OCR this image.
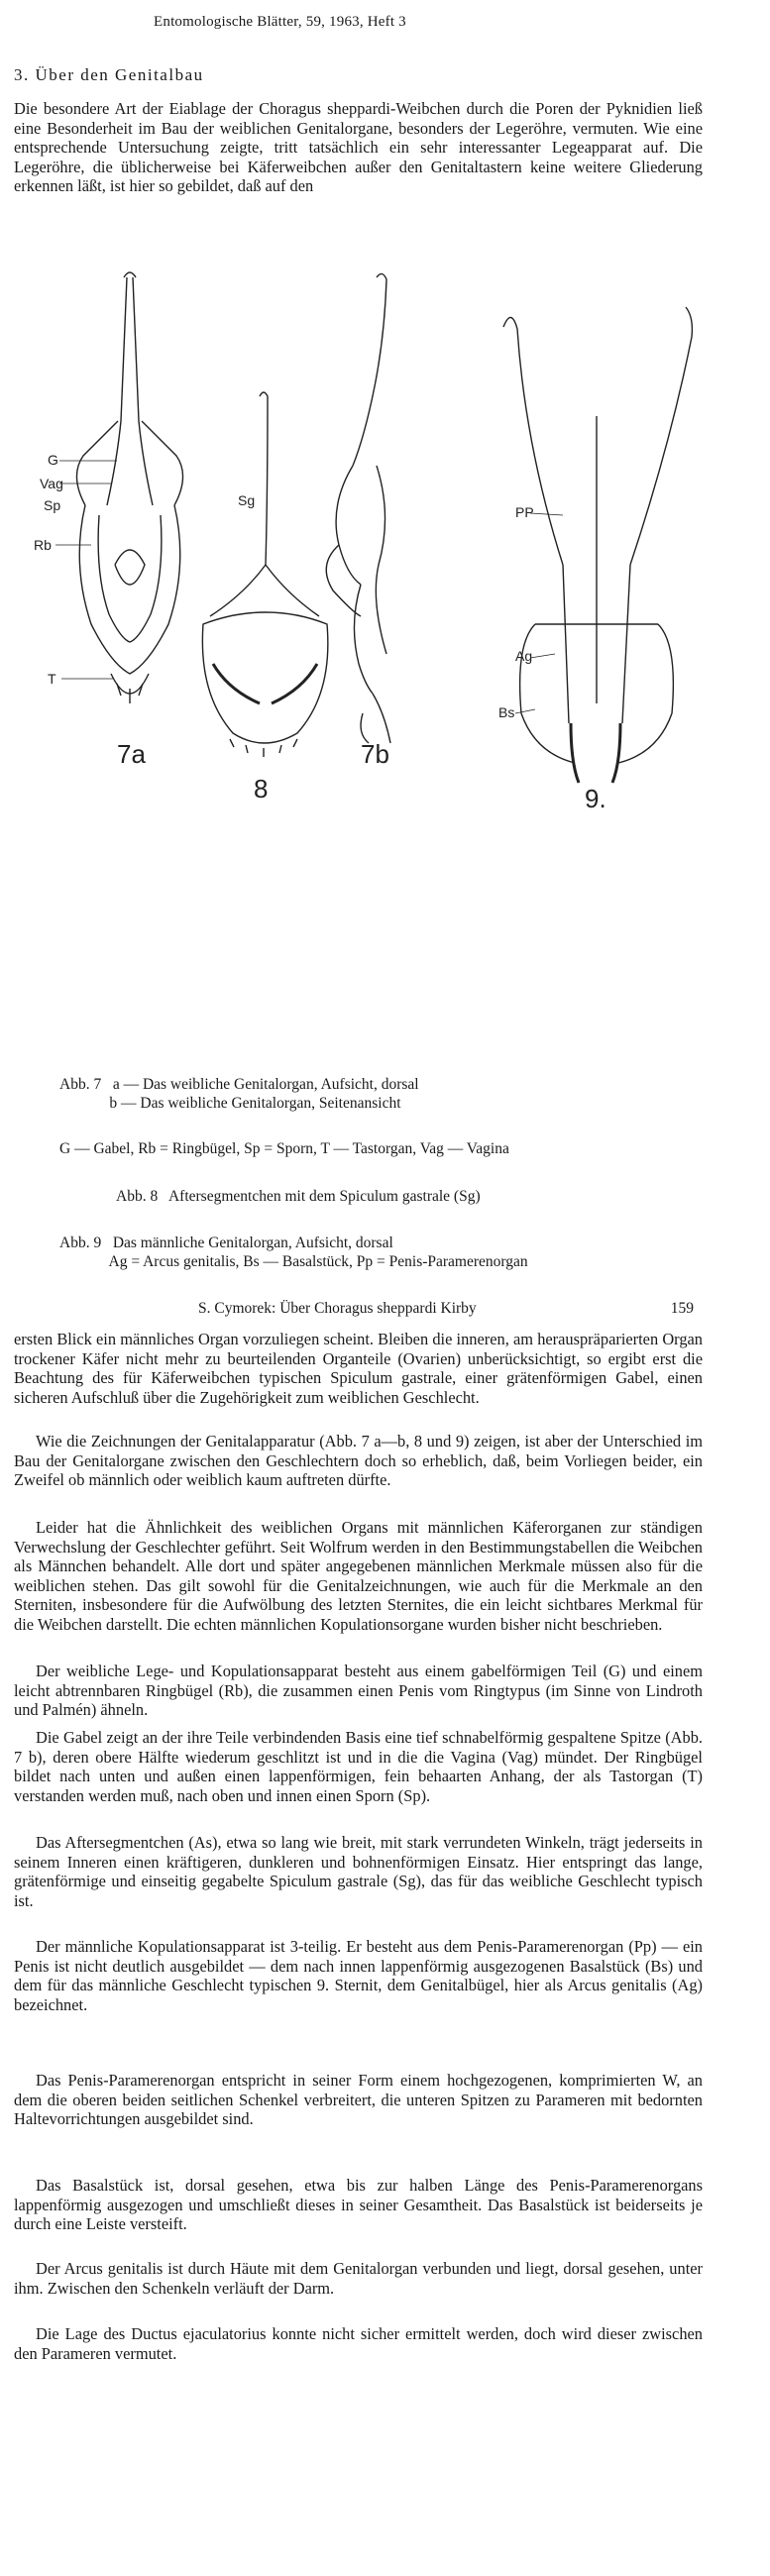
Entomologische Blätter, 59, 1963, Heft 3
3. Über den Genitalbau
Die besondere Art der Eiablage der Choragus sheppardi-Weibchen durch die Poren der Pyknidien ließ eine Besonderheit im Bau der weiblichen Genitalorgane, besonders der Legeröhre, vermuten. Wie eine entsprechende Untersuchung zeigte, tritt tatsächlich ein sehr interessanter Legeapparat auf. Die Legeröhre, die üblicherweise bei Käferweibchen außer den Genitaltastern keine weitere Gliederung erkennen läßt, ist hier so gebildet, daß auf den
G
Vag
Sp
Rb
T
Sg
PP
Ag
Bs
7a	7b
8	9.
Abb. 7   a — Das weibliche Genitalorgan, Aufsicht, dorsal
b — Das weibliche Genitalorgan, Seitenansicht
G — Gabel, Rb = Ringbügel, Sp = Sporn, T — Tastorgan, Vag — Vagina
Abb. 8   Aftersegmentchen mit dem Spiculum gastrale (Sg)
Abb. 9   Das männliche Genitalorgan, Aufsicht, dorsal
Ag = Arcus genitalis, Bs — Basalstück, Pp = Penis-Paramerenorgan
S. Cymorek: Über Choragus sheppardi Kirby	159
ersten Blick ein männliches Organ vorzuliegen scheint. Bleiben die inneren, am herauspräparierten Organ trockener Käfer nicht mehr zu beurteilenden Organteile (Ovarien) unberücksichtigt, so ergibt erst die Beachtung des für Käferweibchen typischen Spiculum gastrale, einer grätenförmigen Gabel, einen sicheren Aufschluß über die Zugehörigkeit zum weiblichen Geschlecht.
Wie die Zeichnungen der Genitalapparatur (Abb. 7 a—b, 8 und 9) zeigen, ist aber der Unterschied im Bau der Genitalorgane zwischen den Geschlechtern doch so erheblich, daß, beim Vorliegen beider, ein Zweifel ob männlich oder weiblich kaum auftreten dürfte.
Leider hat die Ähnlichkeit des weiblichen Organs mit männlichen Käferorganen zur ständigen Verwechslung der Geschlechter geführt. Seit Wolfrum werden in den Bestimmungstabellen die Weibchen als Männchen behandelt. Alle dort und später angegebenen männlichen Merkmale müssen also für die weiblichen stehen. Das gilt sowohl für die Genitalzeichnungen, wie auch für die Merkmale an den Sterniten, insbesondere für die Aufwölbung des letzten Sternites, die ein leicht sichtbares Merkmal für die Weibchen darstellt. Die echten männlichen Kopulationsorgane wurden bisher nicht beschrieben.
Der weibliche Lege- und Kopulationsapparat besteht aus einem gabelförmigen Teil (G) und einem leicht abtrennbaren Ringbügel (Rb), die zusammen einen Penis vom Ringtypus (im Sinne von Lindroth und Palmén) ähneln.
Die Gabel zeigt an der ihre Teile verbindenden Basis eine tief schnabelförmig gespaltene Spitze (Abb. 7 b), deren obere Hälfte wiederum geschlitzt ist und in die die Vagina (Vag) mündet. Der Ringbügel bildet nach unten und außen einen lappenförmigen, fein behaarten Anhang, der als Tastorgan (T) verstanden werden muß, nach oben und innen einen Sporn (Sp).
Das Aftersegmentchen (As), etwa so lang wie breit, mit stark verrundeten Winkeln, trägt jederseits in seinem Inneren einen kräftigeren, dunkleren und bohnenförmigen Einsatz. Hier entspringt das lange, grätenförmige und einseitig gegabelte Spiculum gastrale (Sg), das für das weibliche Geschlecht typisch ist.
Der männliche Kopulationsapparat ist 3-teilig. Er besteht aus dem Penis-Paramerenorgan (Pp) — ein Penis ist nicht deutlich ausgebildet — dem nach innen lappenförmig ausgezogenen Basalstück (Bs) und dem für das männliche Geschlecht typischen 9. Sternit, dem Genitalbügel, hier als Arcus genitalis (Ag) bezeichnet.
Das Penis-Paramerenorgan entspricht in seiner Form einem hochgezogenen, komprimierten W, an dem die oberen beiden seitlichen Schenkel verbreitert, die unteren Spitzen zu Parameren mit bedornten Haltevorrichtungen ausgebildet sind.
Das Basalstück ist, dorsal gesehen, etwa bis zur halben Länge des Penis-Paramerenorgans lappenförmig ausgezogen und umschließt dieses in seiner Gesamtheit. Das Basalstück ist beiderseits je durch eine Leiste versteift.
Der Arcus genitalis ist durch Häute mit dem Genitalorgan verbunden und liegt, dorsal gesehen, unter ihm. Zwischen den Schenkeln verläuft der Darm.
Die Lage des Ductus ejaculatorius konnte nicht sicher ermittelt werden, doch wird dieser zwischen den Parameren vermutet.
